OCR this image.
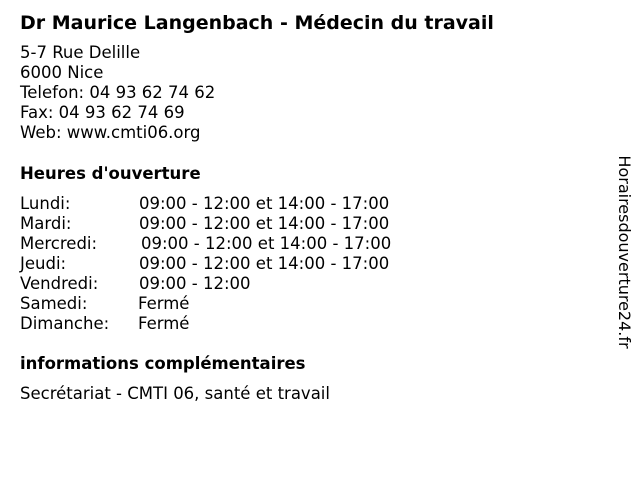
Dr Maurice Langenbach - Médecin du travail
5-7 Rue Delille
6000 Nice
Telefon: 04 93 62 74 62
Fax: 04 93 62 74 69
Web: www.cmti06.org
Heures d'ouverture
Lundi:	09:00 - 12:00 et 14:00 - 17:00
Mardi:	09:00 - 12:00 et 14:00 - 17:00
Mercredi:	09:00 - 12:00 et 14:00 - 17:00
Jeudi:	09:00 - 12:00 et 14:00 - 17:00
Vendredi: 09:00 - 12:00
Samedi:	Fermé
Dimanche: Fermé
informations complémentaires
Secrétariat - CMTI 06, santé et travail
Horairesdouverture24.fr
